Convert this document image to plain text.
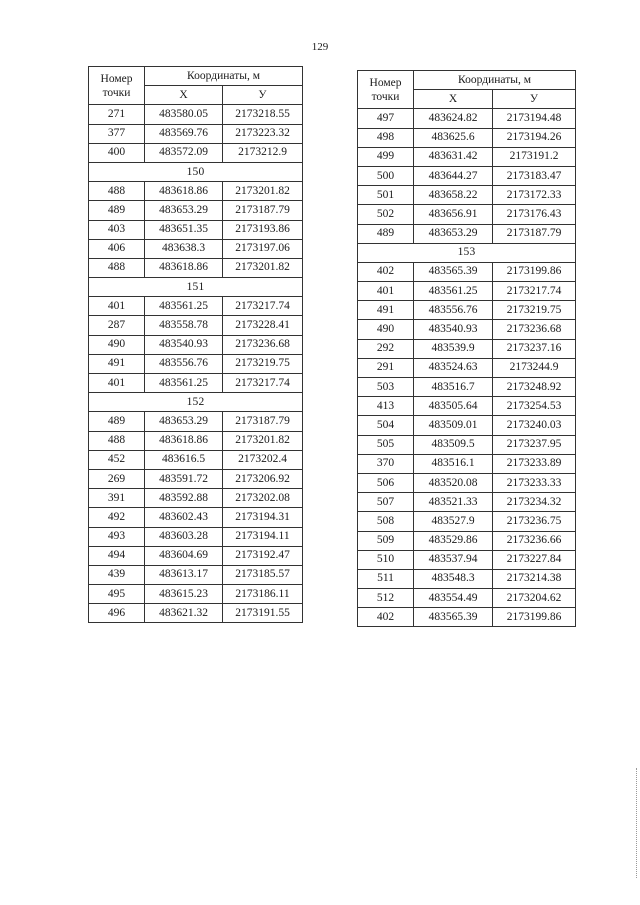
129
Номер
точки	Координаты, м	
	X	У
271	483580.05	2173218.55
377	483569.76	2173223.32
400	483572.09	2173212.9
150		
488	483618.86	2173201.82
489	483653.29	2173187.79
403	483651.35	2173193.86
406	483638.3	2173197.06
488	483618.86	2173201.82
151		
401	483561.25	2173217.74
287	483558.78	2173228.41
490	483540.93	2173236.68
491	483556.76	2173219.75
401	483561.25	2173217.74
152		
489	483653.29	2173187.79
488	483618.86	2173201.82
452	483616.5	2173202.4
269	483591.72	2173206.92
391	483592.88	2173202.08
492	483602.43	2173194.31
493	483603.28	2173194.11
494	483604.69	2173192.47
439	483613.17	2173185.57
495	483615.23	2173186.11
496	483621.32	2173191.55
Номер
точки	Координаты, м	
	X	У
497	483624.82	2173194.48
498	483625.6	2173194.26
499	483631.42	2173191.2
500	483644.27	2173183.47
501	483658.22	2173172.33
502	483656.91	2173176.43
489	483653.29	2173187.79
153		
402	483565.39	2173199.86
401	483561.25	2173217.74
491	483556.76	2173219.75
490	483540.93	2173236.68
292	483539.9	2173237.16
291	483524.63	2173244.9
503	483516.7	2173248.92
413	483505.64	2173254.53
504	483509.01	2173240.03
505	483509.5	2173237.95
370	483516.1	2173233.89
506	483520.08	2173233.33
507	483521.33	2173234.32
508	483527.9	2173236.75
509	483529.86	2173236.66
510	483537.94	2173227.84
511	483548.3	2173214.38
512	483554.49	2173204.62
402	483565.39	2173199.86
